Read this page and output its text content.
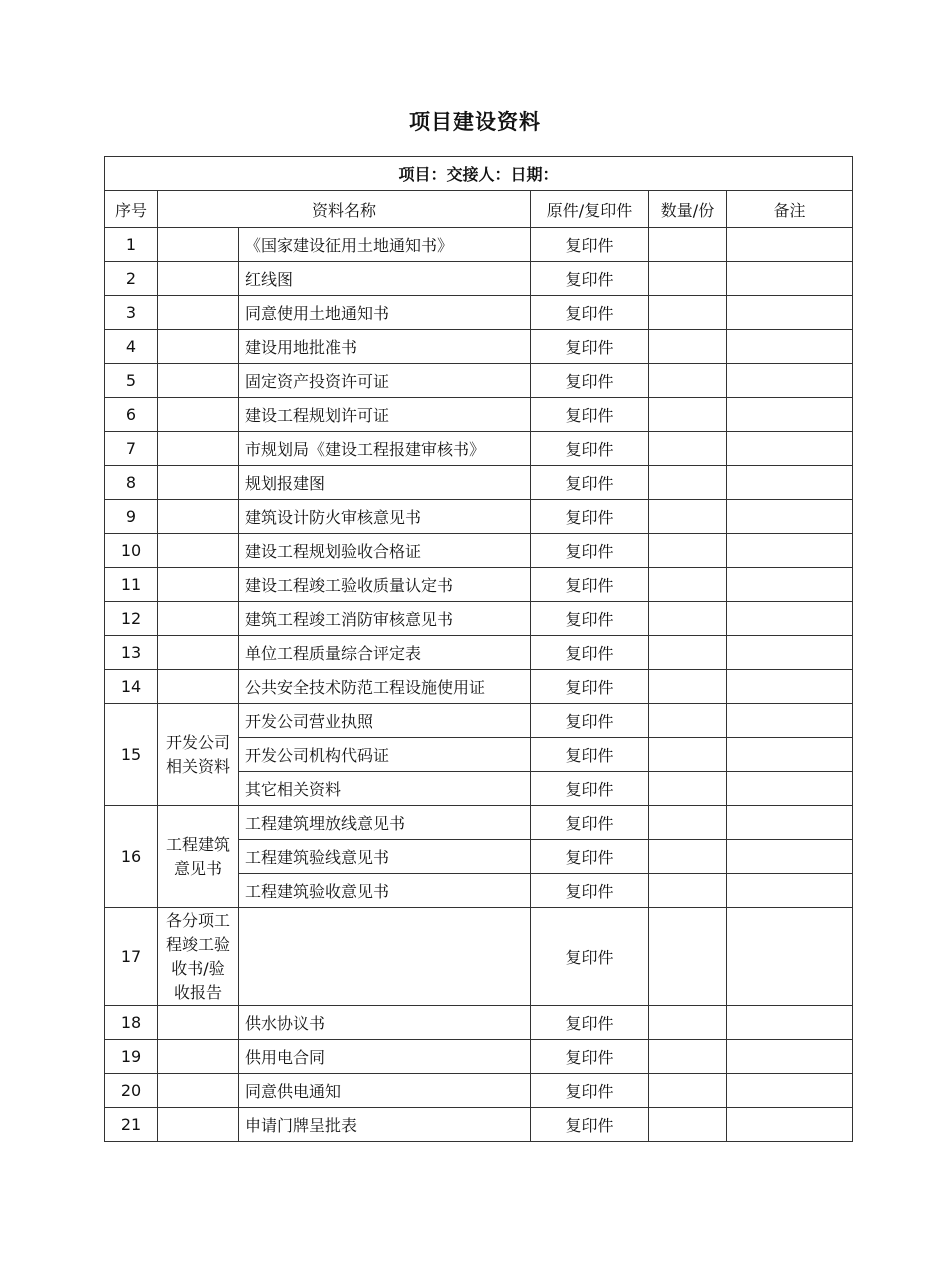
项目建设资料
项目：交接人：日期：					
序号	资料名称		原件/复印件	数量/份	备注
1		《国家建设征用土地通知书》	复印件		
2		红线图	复印件		
3		同意使用土地通知书	复印件		
4		建设用地批准书	复印件		
5		固定资产投资许可证	复印件		
6		建设工程规划许可证	复印件		
7		市规划局《建设工程报建审核书》	复印件		
8		规划报建图	复印件		
9		建筑设计防火审核意见书	复印件		
10		建设工程规划验收合格证	复印件		
11		建设工程竣工验收质量认定书	复印件		
12		建筑工程竣工消防审核意见书	复印件		
13		单位工程质量综合评定表	复印件		
14		公共安全技术防范工程设施使用证	复印件		
15	开发公司相关资料	开发公司营业执照	复印件		
		开发公司机构代码证	复印件		
		其它相关资料	复印件		
16	工程建筑意见书	工程建筑埋放线意见书	复印件		
		工程建筑验线意见书	复印件		
		工程建筑验收意见书	复印件		
17	各分项工程竣工验收书/验收报告		复印件		
18		供水协议书	复印件		
19		供用电合同	复印件		
20		同意供电通知	复印件		
21		申请门牌呈批表	复印件		
